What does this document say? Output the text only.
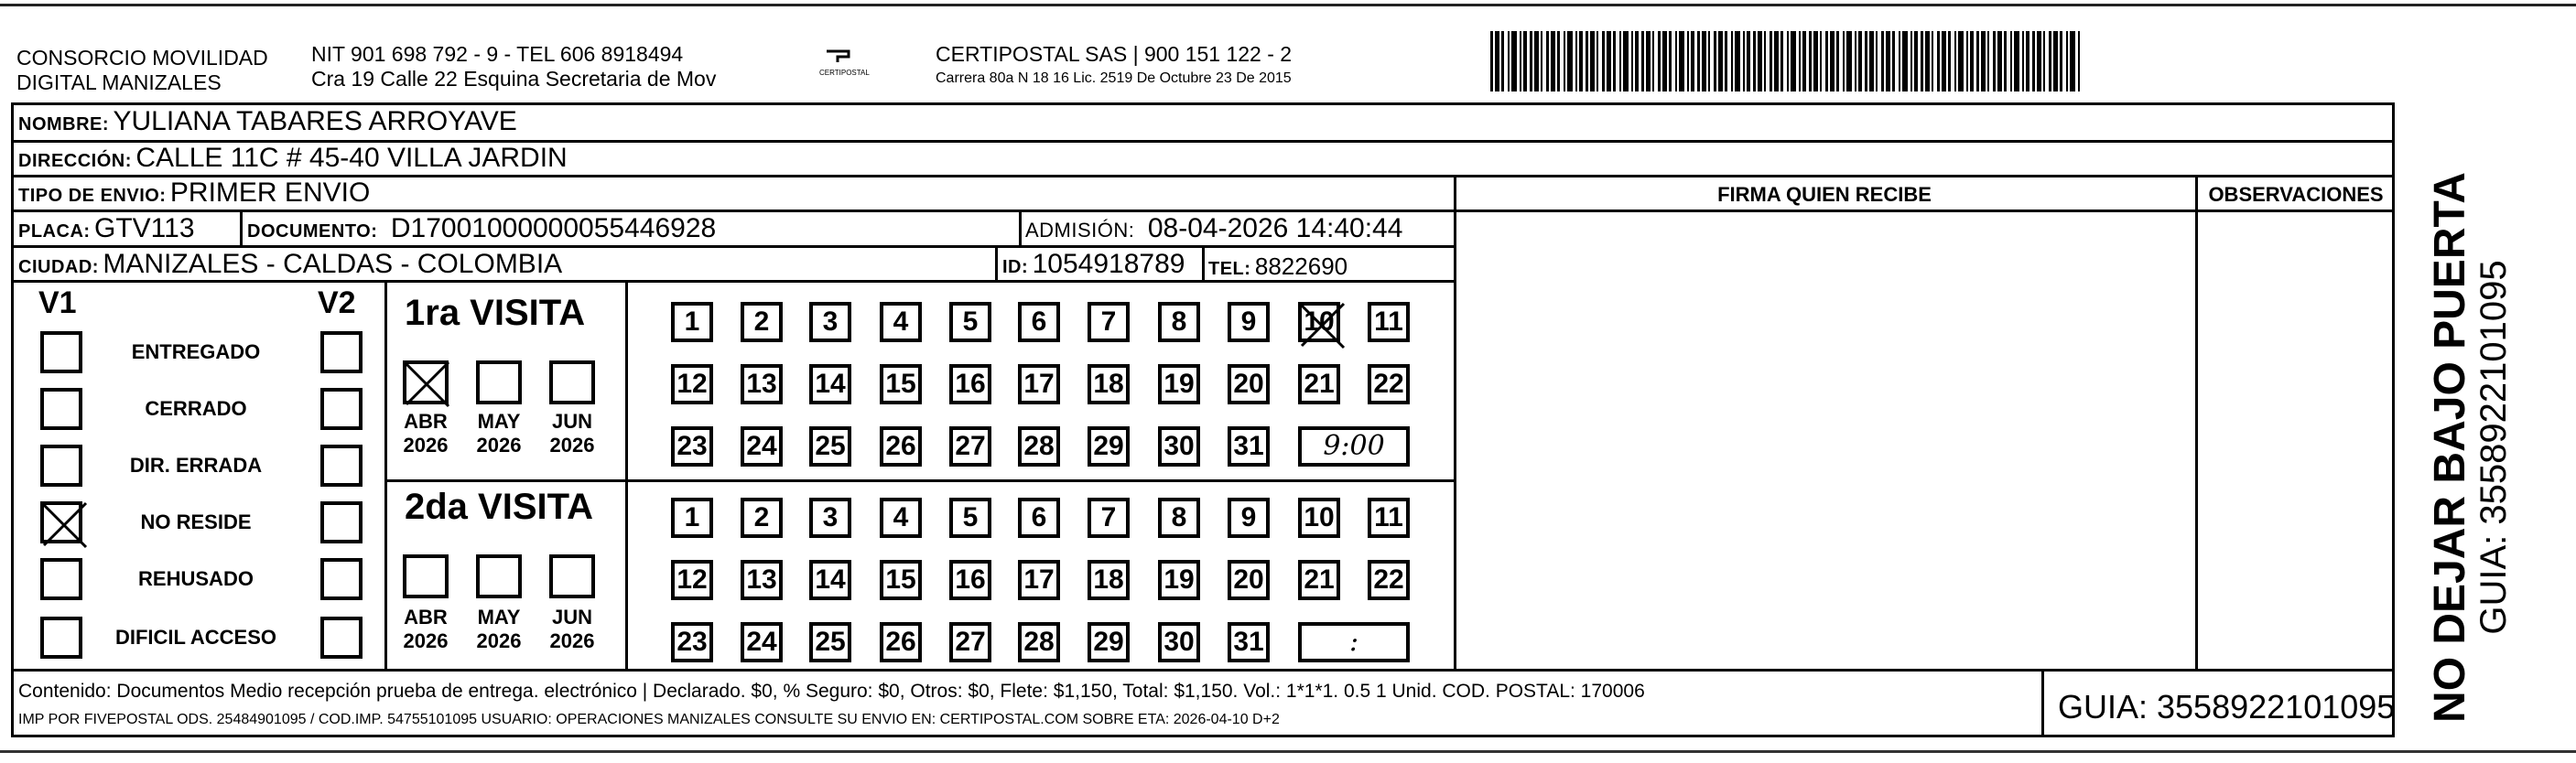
CONSORCIO MOVILIDAD
DIGITAL MANIZALES
NIT 901 698 792 - 9 - TEL 606 8918494
Cra 19 Calle 22 Esquina Secretaria de Mov	CERTIPOSTAL
CERTIPOSTAL SAS | 900 151 122 - 2
Carrera 80a N 18 16 Lic. 2519 De Octubre 23 De 2015
NOMBRE: YULIANA TABARES ARROYAVE
DIRECCIÓN: CALLE 11C # 45-40 VILLA JARDIN
TIPO DE ENVIO: PRIMER ENVIO	FIRMA QUIEN RECIBE	OBSERVACIONES
PLACA: GTV113	DOCUMENTO: D17001000000055446928	ADMISIÓN: 08-04-2026 14:40:44
CIUDAD: MANIZALES - CALDAS - COLOMBIA	ID: 1054918789 TEL: 8822690
V1	V2
ENTREGADO
CERRADO
DIR. ERRADA
NO RESIDE
REHUSADO
DIFICIL ACCESO
1ra VISITA
ABR
2026
MAY
2026
JUN
2026
1	2	3	4	5	6	7	8	9	10 11
12 13 14 15 16 17 18 19 20 21 22
23 24 25 26 27 28 29 30 31	9:00
2da VISITA
ABR
2026
MAY
2026
JUN
2026
1	2	3	4	5	6	7	8	9	10 11
12 13 14 15 16 17 18 19 20 21 22
23 24 25 26 27 28 29 30 31	:
Contenido: Documentos Medio recepción prueba de entrega. electrónico | Declarado. $0, % Seguro: $0, Otros: $0, Flete: $1,150, Total: $1,150. Vol.: 1*1*1. 0.5 1 Unid. COD. POSTAL: 170006
IMP POR FIVEPOSTAL ODS. 25484901095 / COD.IMP. 54755101095 USUARIO: OPERACIONES MANIZALES CONSULTE SU ENVIO EN: CERTIPOSTAL.COM SOBRE ETA: 2026-04-10 D+2	GUIA: 3558922101095 NO DEJAR BAJO PUERTA GUIA: 3558922101095
